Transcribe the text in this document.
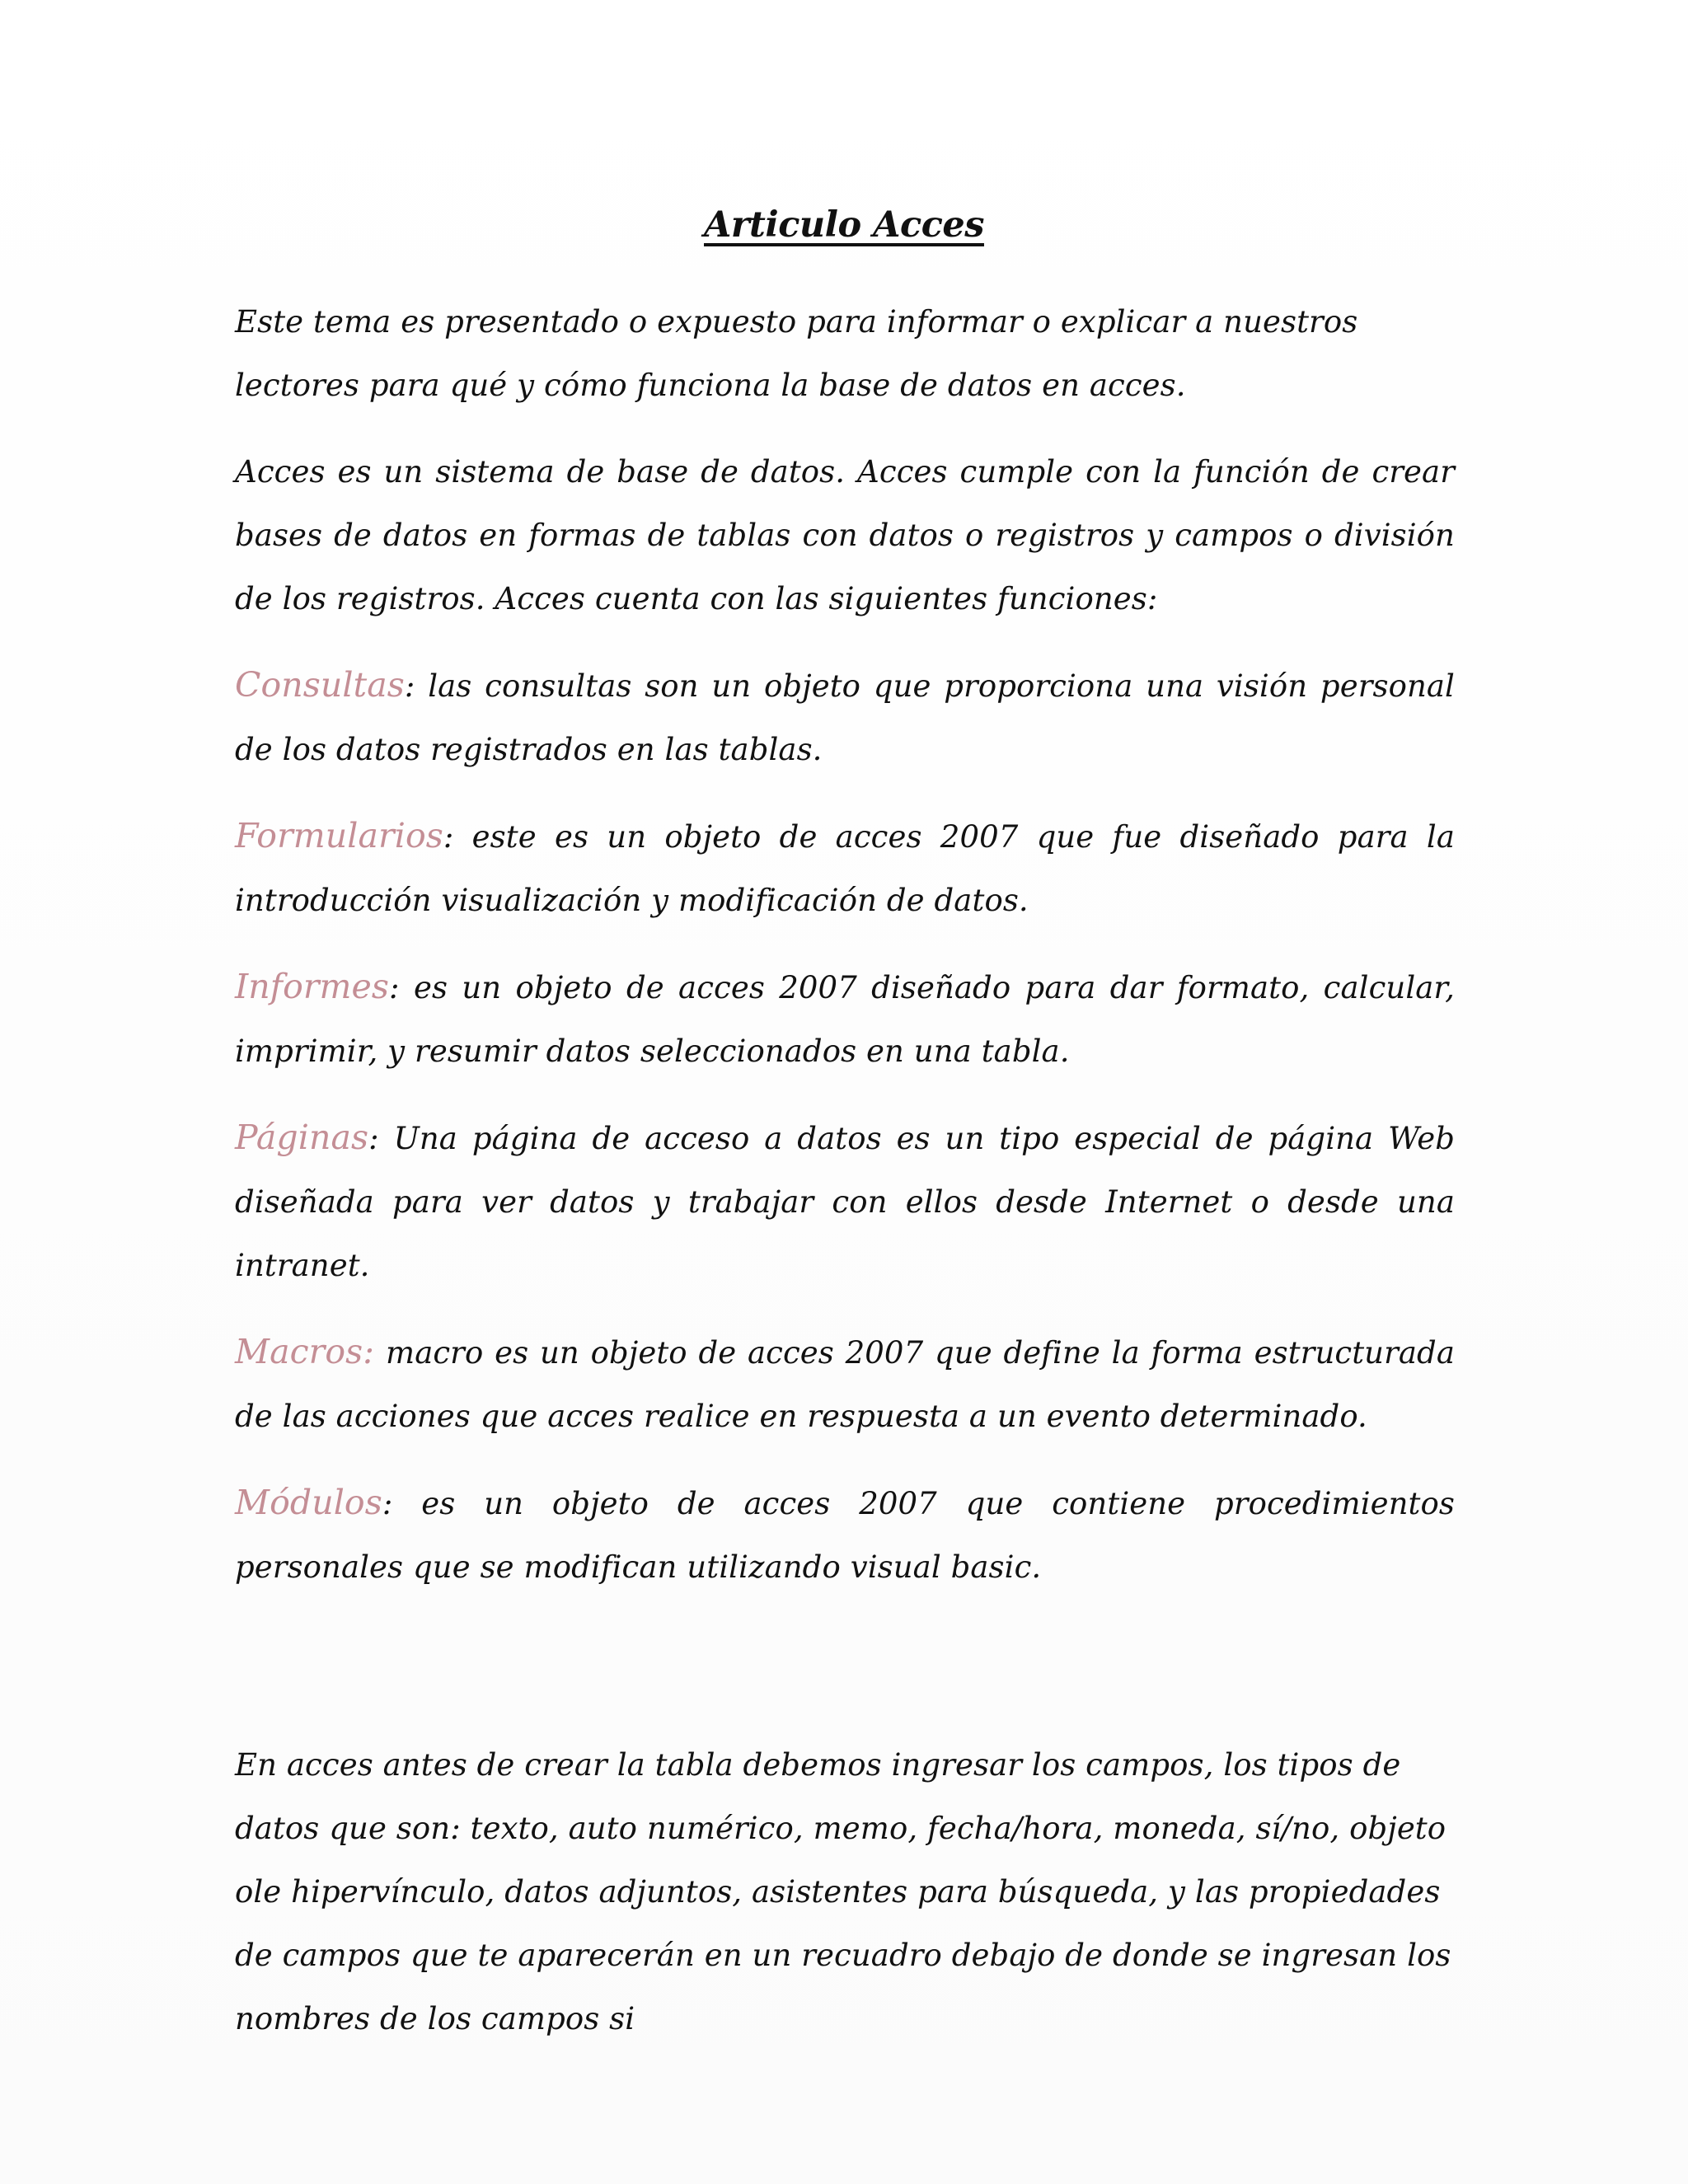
Articulo Acces

Este tema es presentado o expuesto para informar o explicar a nuestros lectores para qué y cómo funciona la base de datos en acces.

Acces es un sistema de base de datos. Acces cumple con la función de crear bases de datos en formas de tablas con datos o registros y campos o división de los registros. Acces cuenta con las siguientes funciones:

Consultas: las consultas son un objeto que proporciona una visión personal de los datos registrados en las tablas.

Formularios: este es un objeto de acces 2007 que fue diseñado para la introducción visualización y modificación de datos.

Informes: es un objeto de acces 2007 diseñado para dar formato, calcular, imprimir, y resumir datos seleccionados en una tabla.

Páginas: Una página de acceso a datos es un tipo especial de página Web diseñada para ver datos y trabajar con ellos desde Internet o desde una intranet.

Macros: macro es un objeto de acces 2007 que define la forma estructurada de las acciones que acces realice en respuesta a un evento determinado.

Módulos: es un objeto de acces 2007 que contiene procedimientos personales que se modifican utilizando visual basic.

En acces antes de crear la tabla debemos ingresar los campos, los tipos de datos que son: texto, auto numérico, memo, fecha/hora, moneda, sí/no, objeto ole hipervínculo, datos adjuntos, asistentes para búsqueda, y las propiedades de campos que te aparecerán en un recuadro debajo de donde se ingresan los nombres de los campos si
